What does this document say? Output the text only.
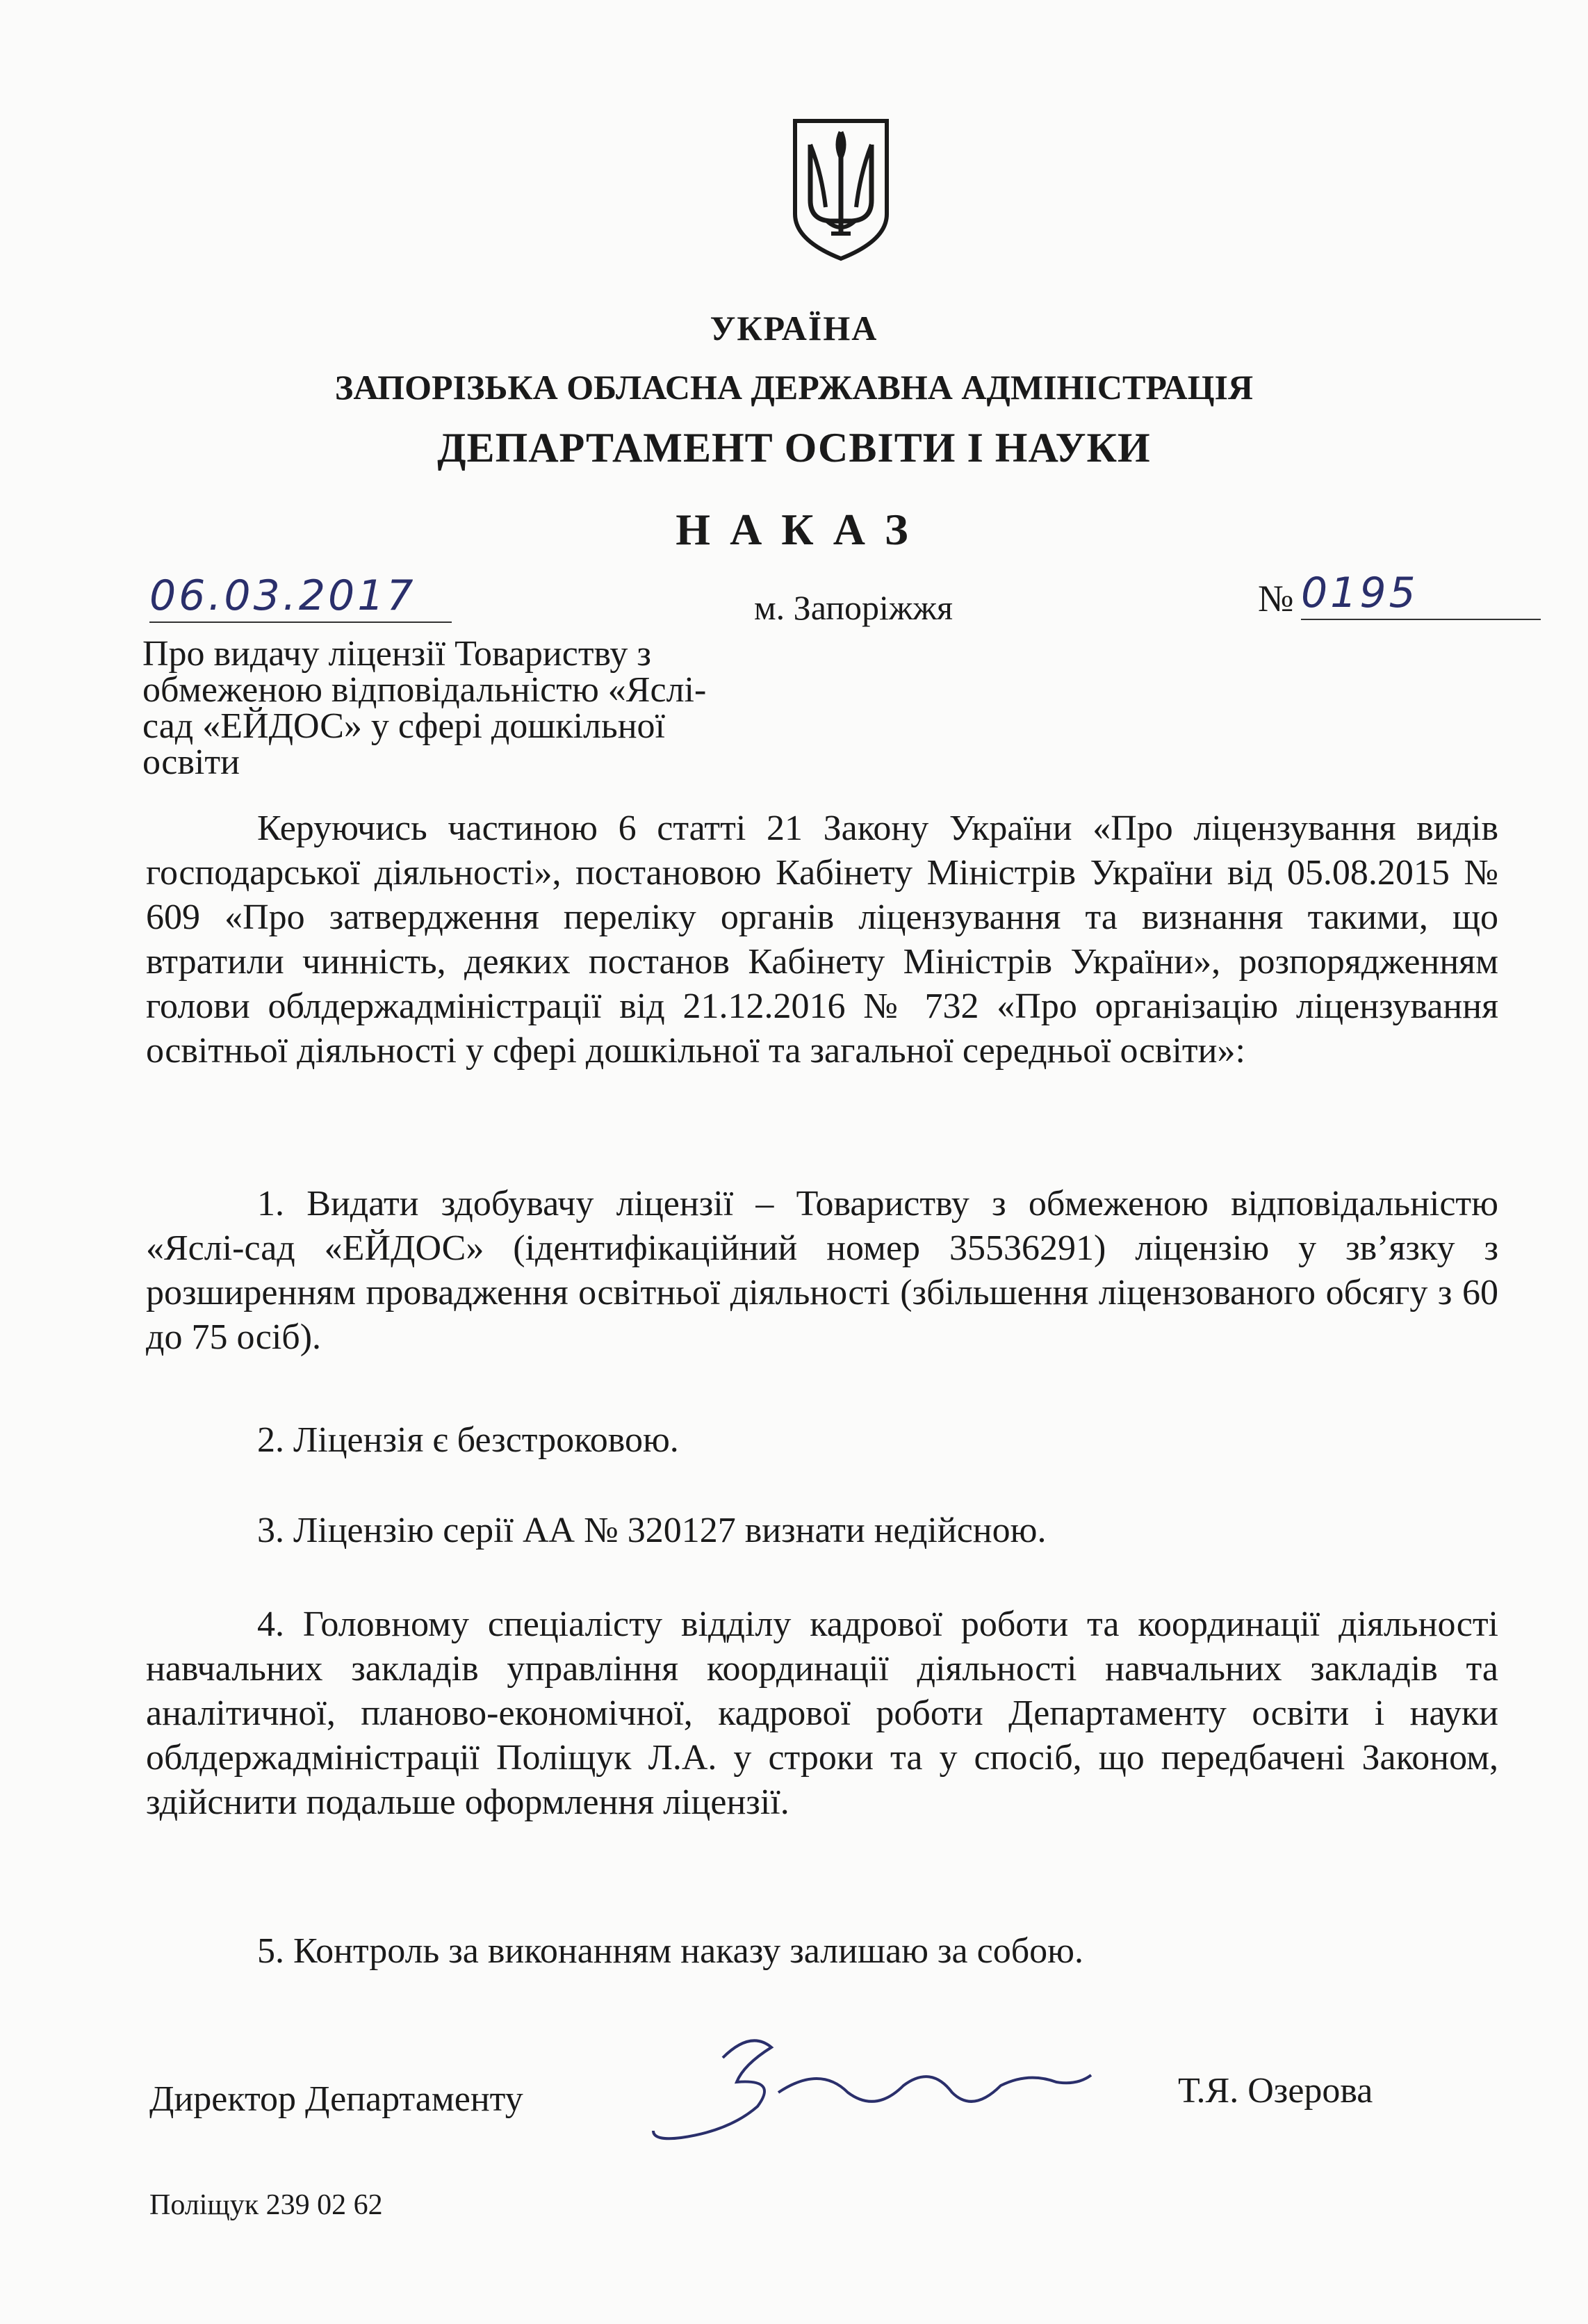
УКРАЇНА
ЗАПОРІЗЬКА ОБЛАСНА ДЕРЖАВНА АДМІНІСТРАЦІЯ
ДЕПАРТАМЕНТ ОСВІТИ І НАУКИ
Н А К А З
06.03.2017	м. Запоріжжя	№ 0195
Про видачу ліцензії Товариству з обмеженою відповідальністю «Яслі-сад «ЕЙДОС» у сфері дошкільної освіти
Керуючись частиною 6 статті 21 Закону України «Про ліцензування видів господарської діяльності», постановою Кабінету Міністрів України від 05.08.2015 № 609 «Про затвердження переліку органів ліцензування та визнання такими, що втратили чинність, деяких постанов Кабінету Міністрів України», розпорядженням голови облдержадміністрації від 21.12.2016 № 732 «Про організацію ліцензування освітньої діяльності у сфері дошкільної та загальної середньої освіти»:
1. Видати здобувачу ліцензії – Товариству з обмеженою відповідальністю «Яслі-сад «ЕЙДОС» (ідентифікаційний номер 35536291) ліцензію у зв’язку з розширенням провадження освітньої діяльності (збільшення ліцензованого обсягу з 60 до 75 осіб).
2. Ліцензія є безстроковою.
3. Ліцензію серії АА № 320127 визнати недійсною.
4. Головному спеціалісту відділу кадрової роботи та координації діяльності навчальних закладів управління координації діяльності навчальних закладів та аналітичної, планово-економічної, кадрової роботи Департаменту освіти і науки облдержадміністрації Поліщук Л.А. у строки та у спосіб, що передбачені Законом, здійснити подальше оформлення ліцензії.
5. Контроль за виконанням наказу залишаю за собою.
Директор Департаменту	Т.Я. Озерова
Поліщук 239 02 62
